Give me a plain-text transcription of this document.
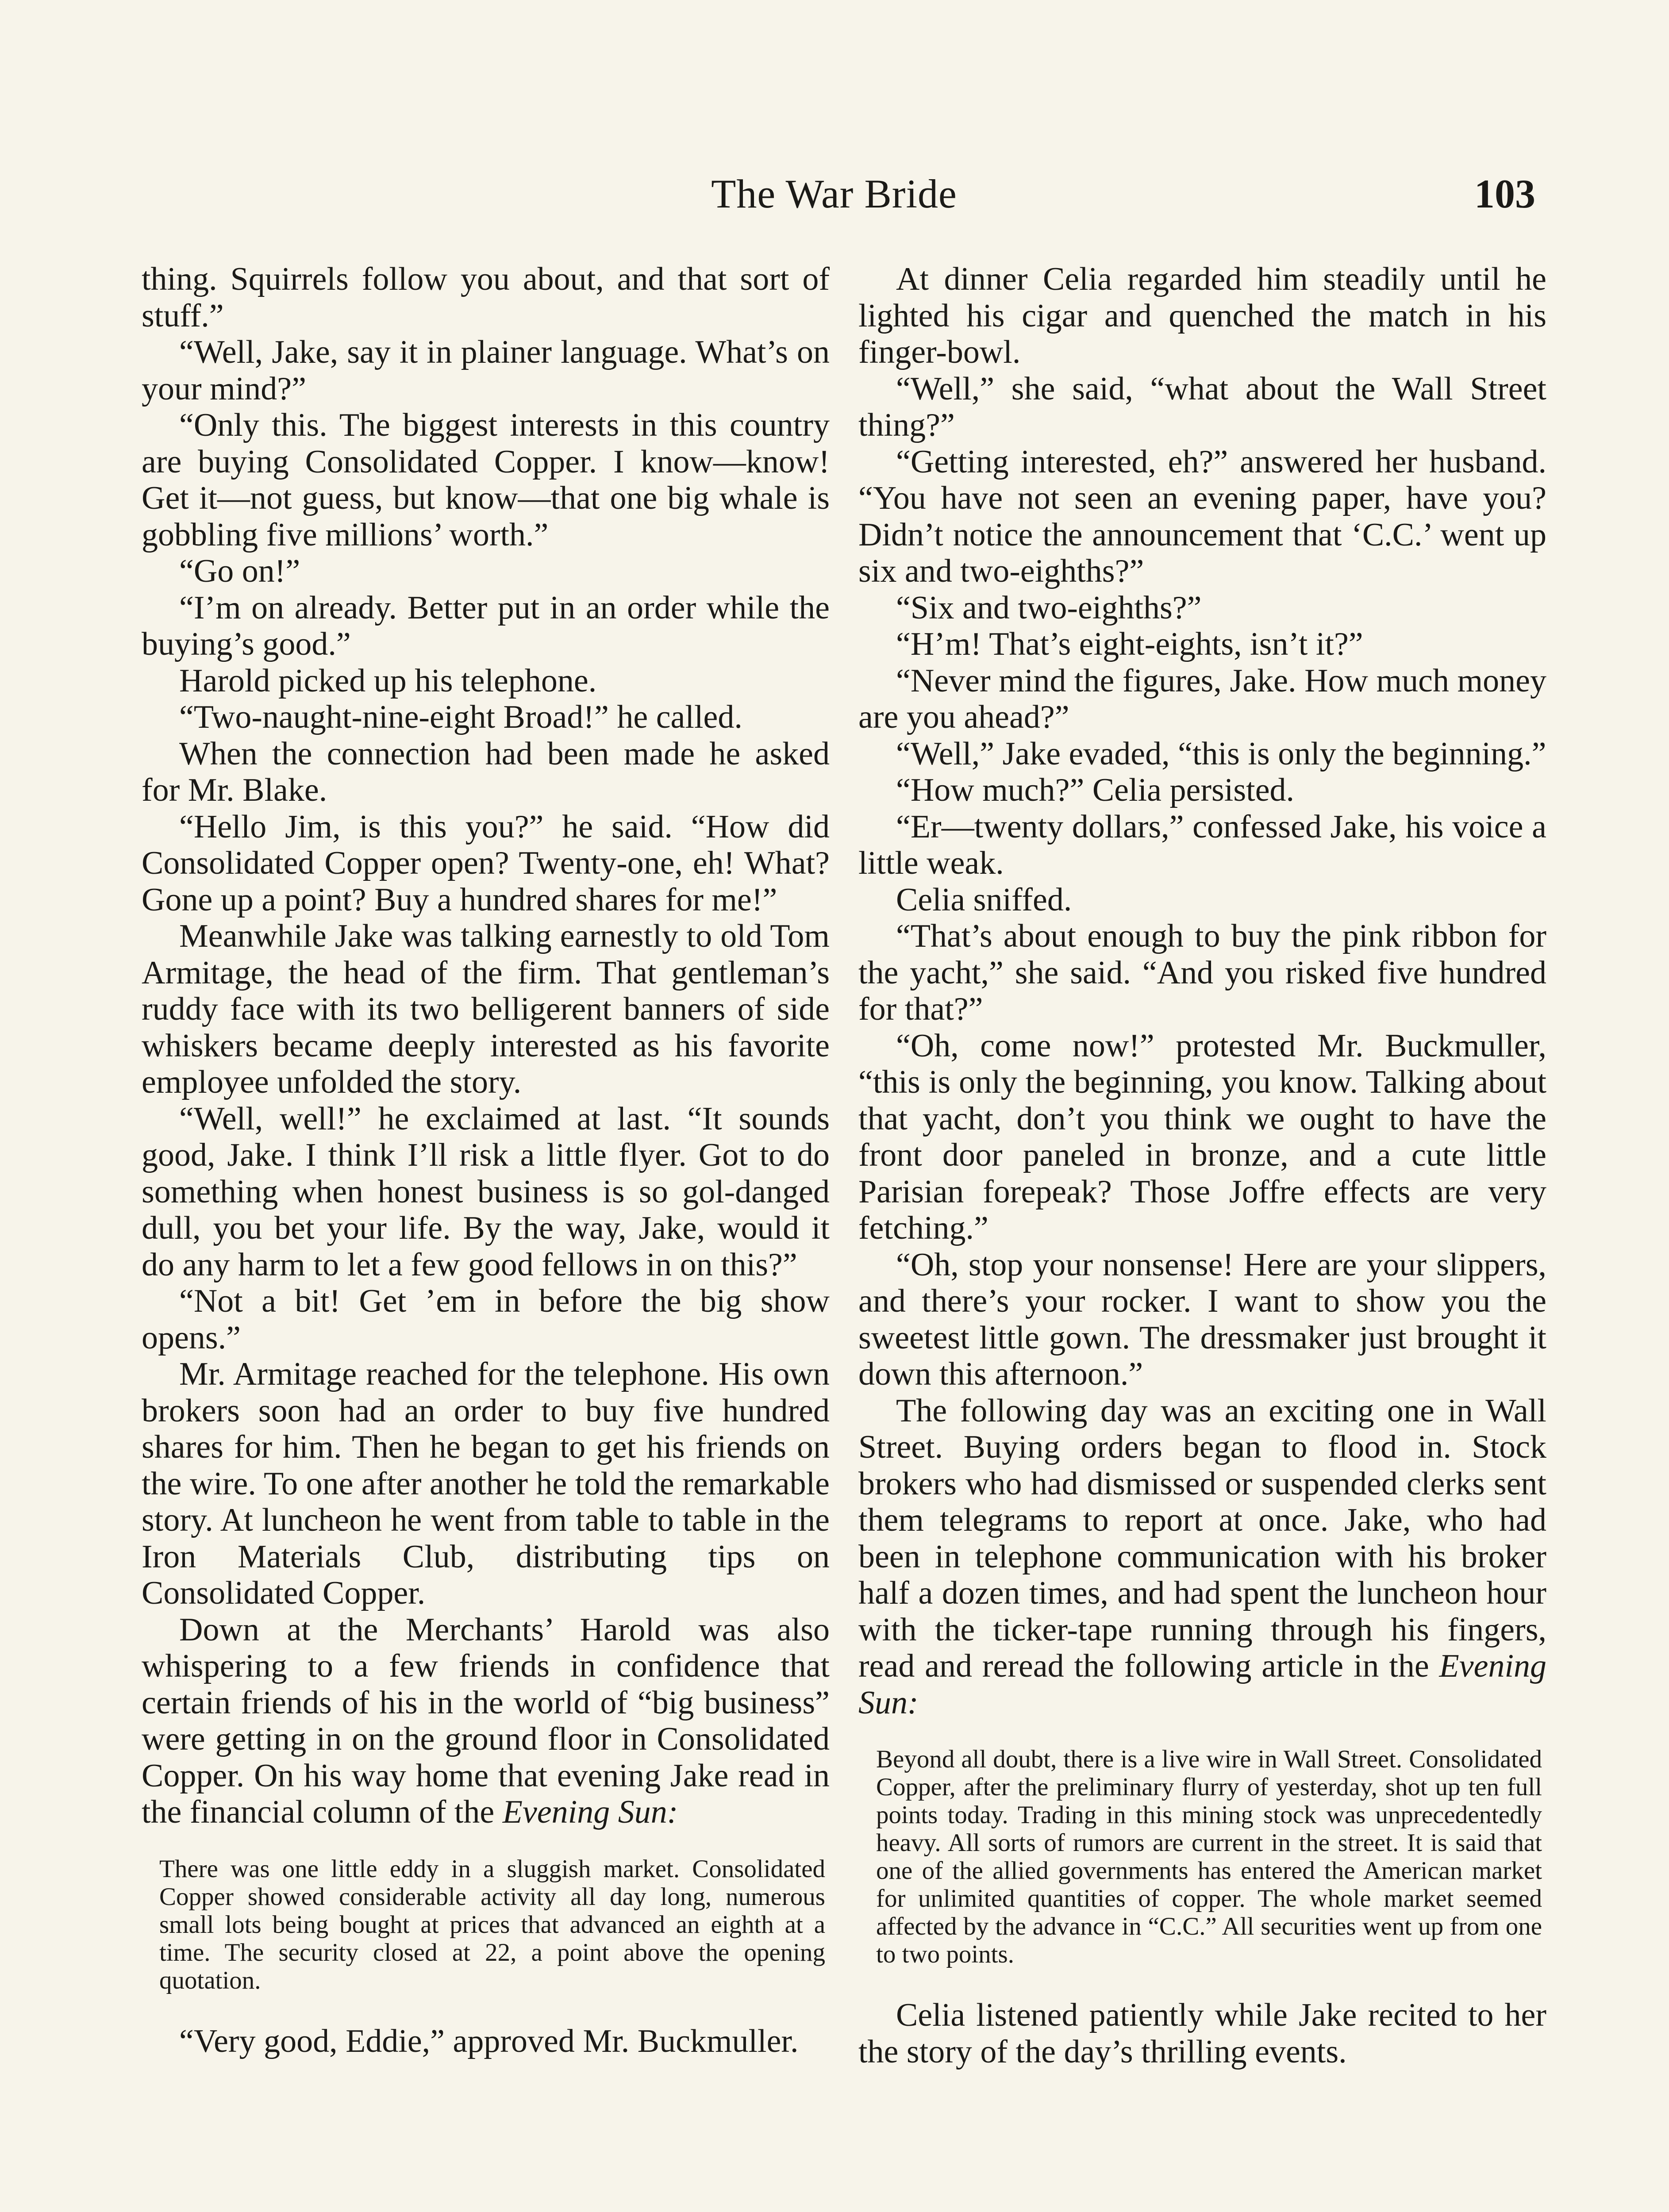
The War Bride	103

thing. Squirrels follow you about, and that sort of stuff.”

“Well, Jake, say it in plainer language. What’s on your mind?”

“Only this. The biggest interests in this country are buying Consolidated Copper. I know—know! Get it—not guess, but know—that one big whale is gobbling five millions’ worth.”

“Go on!”

“I’m on already. Better put in an order while the buying’s good.”

Harold picked up his telephone.

“Two-naught-nine-eight Broad!” he called.

When the connection had been made he asked for Mr. Blake.

“Hello Jim, is this you?” he said. “How did Consolidated Copper open? Twenty-one, eh! What? Gone up a point? Buy a hundred shares for me!”

Meanwhile Jake was talking earnestly to old Tom Armitage, the head of the firm. That gentleman’s ruddy face with its two belligerent banners of side whiskers became deeply interested as his favorite employee unfolded the story.

“Well, well!” he exclaimed at last. “It sounds good, Jake. I think I’ll risk a little flyer. Got to do something when honest business is so gol-danged dull, you bet your life. By the way, Jake, would it do any harm to let a few good fellows in on this?”

“Not a bit! Get ’em in before the big show opens.”

Mr. Armitage reached for the telephone. His own brokers soon had an order to buy five hundred shares for him. Then he began to get his friends on the wire. To one after another he told the remarkable story. At luncheon he went from table to table in the Iron Materials Club, distributing tips on Consolidated Copper.

Down at the Merchants’ Harold was also whispering to a few friends in confidence that certain friends of his in the world of “big business” were getting in on the ground floor in Consolidated Copper. On his way home that evening Jake read in the financial column of the Evening Sun:

There was one little eddy in a sluggish market. Consolidated Copper showed considerable activity all day long, numerous small lots being bought at prices that advanced an eighth at a time. The security closed at 22, a point above the opening quotation.

“Very good, Eddie,” approved Mr. Buckmuller.

At dinner Celia regarded him steadily until he lighted his cigar and quenched the match in his finger-bowl.

“Well,” she said, “what about the Wall Street thing?”

“Getting interested, eh?” answered her husband. “You have not seen an evening paper, have you? Didn’t notice the announcement that ‘C.C.’ went up six and two-eighths?”

“Six and two-eighths?”

“H’m! That’s eight-eights, isn’t it?”

“Never mind the figures, Jake. How much money are you ahead?”

“Well,” Jake evaded, “this is only the beginning.”

“How much?” Celia persisted.

“Er—twenty dollars,” confessed Jake, his voice a little weak.

Celia sniffed.

“That’s about enough to buy the pink ribbon for the yacht,” she said. “And you risked five hundred for that?”

“Oh, come now!” protested Mr. Buckmuller, “this is only the beginning, you know. Talking about that yacht, don’t you think we ought to have the front door paneled in bronze, and a cute little Parisian forepeak? Those Joffre effects are very fetching.”

“Oh, stop your nonsense! Here are your slippers, and there’s your rocker. I want to show you the sweetest little gown. The dressmaker just brought it down this afternoon.”

The following day was an exciting one in Wall Street. Buying orders began to flood in. Stock brokers who had dismissed or suspended clerks sent them telegrams to report at once. Jake, who had been in telephone communication with his broker half a dozen times, and had spent the luncheon hour with the ticker-tape running through his fingers, read and reread the following article in the Evening Sun:

Beyond all doubt, there is a live wire in Wall Street. Consolidated Copper, after the preliminary flurry of yesterday, shot up ten full points today. Trading in this mining stock was unprecedentedly heavy. All sorts of rumors are current in the street. It is said that one of the allied governments has entered the American market for unlimited quantities of copper. The whole market seemed affected by the advance in “C.C.” All securities went up from one to two points.

Celia listened patiently while Jake recited to her the story of the day’s thrilling events.
